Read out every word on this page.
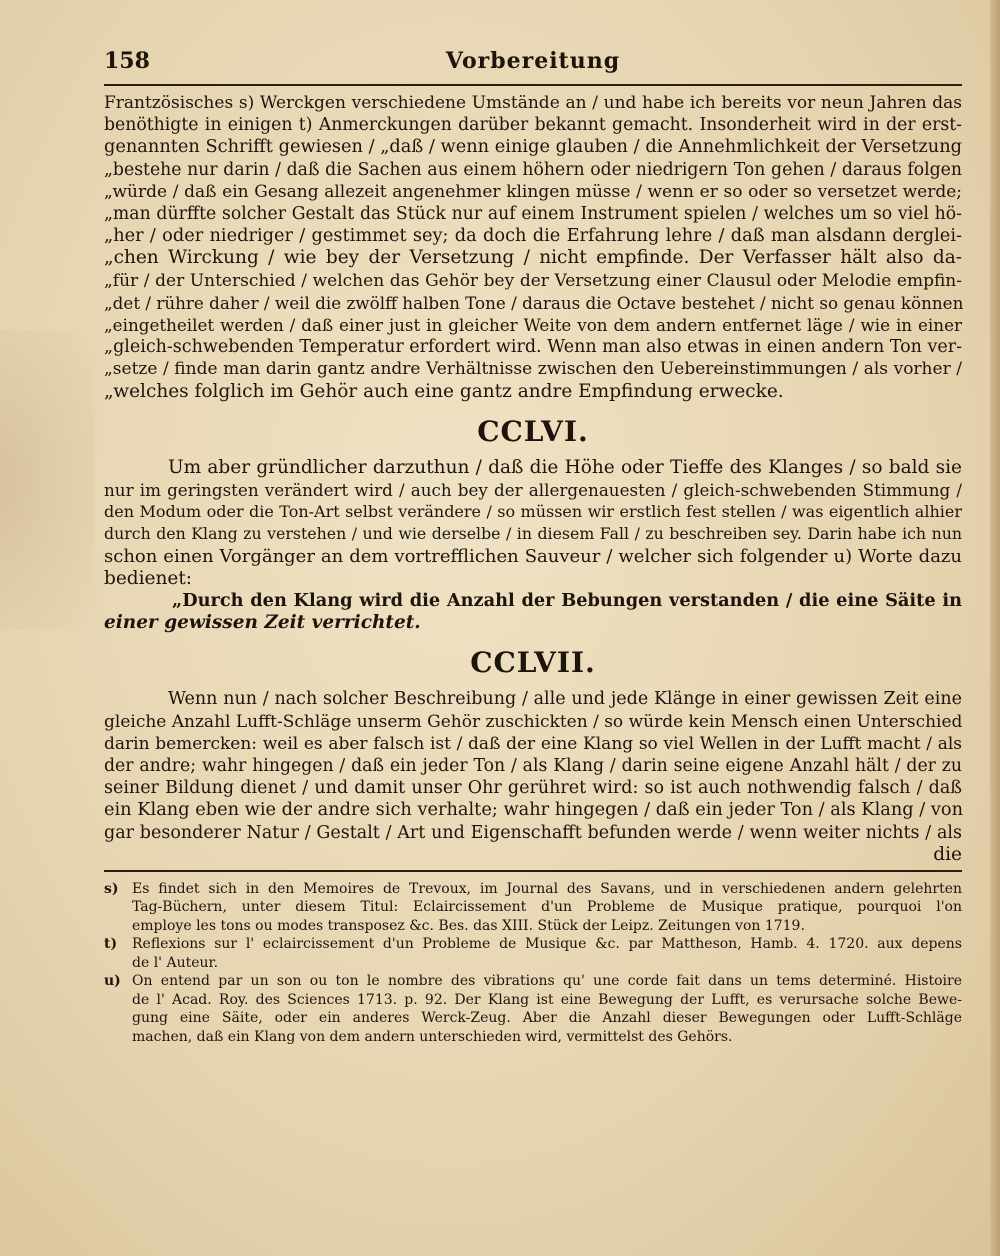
158	Vorbereitung
Frantzösisches s) Werckgen verschiedene Umstände an / und habe ich bereits vor neun Jahren das
benöthigte in einigen t) Anmerckungen darüber bekannt gemacht. Insonderheit wird in der erst-
genannten Schrifft gewiesen / „daß / wenn einige glauben / die Annehmlichkeit der Versetzung
„bestehe nur darin / daß die Sachen aus einem höhern oder niedrigern Ton gehen / daraus folgen
„würde / daß ein Gesang allezeit angenehmer klingen müsse / wenn er so oder so versetzet werde;
„man dürffte solcher Gestalt das Stück nur auf einem Instrument spielen / welches um so viel hö-
„her / oder niedriger / gestimmet sey; da doch die Erfahrung lehre / daß man alsdann derglei-
„chen Wirckung / wie bey der Versetzung / nicht empfinde. Der Verfasser hält also da-
„für / der Unterschied / welchen das Gehör bey der Versetzung einer Clausul oder Melodie empfin-
„det / rühre daher / weil die zwölff halben Tone / daraus die Octave bestehet / nicht so genau können
„eingetheilet werden / daß einer just in gleicher Weite von dem andern entfernet läge / wie in einer
„gleich-schwebenden Temperatur erfordert wird. Wenn man also etwas in einen andern Ton ver-
„setze / finde man darin gantz andre Verhältnisse zwischen den Uebereinstimmungen / als vorher /
„welches folglich im Gehör auch eine gantz andre Empfindung erwecke.
CCLVI.
Um aber gründlicher darzuthun / daß die Höhe oder Tieffe des Klanges / so bald sie
nur im geringsten verändert wird / auch bey der allergenauesten / gleich-schwebenden Stimmung /
den Modum oder die Ton-Art selbst verändere / so müssen wir erstlich fest stellen / was eigentlich alhier
durch den Klang zu verstehen / und wie derselbe / in diesem Fall / zu beschreiben sey. Darin habe ich nun
schon einen Vorgänger an dem vortrefflichen Sauveur / welcher sich folgender u) Worte dazu
bedienet:
„Durch den Klang wird die Anzahl der Bebungen verstanden / die eine Säite in
einer gewissen Zeit verrichtet.
CCLVII.
Wenn nun / nach solcher Beschreibung / alle und jede Klänge in einer gewissen Zeit eine
gleiche Anzahl Lufft-Schläge unserm Gehör zuschickten / so würde kein Mensch einen Unterschied
darin bemercken: weil es aber falsch ist / daß der eine Klang so viel Wellen in der Lufft macht / als
der andre; wahr hingegen / daß ein jeder Ton / als Klang / darin seine eigene Anzahl hält / der zu
seiner Bildung dienet / und damit unser Ohr gerühret wird: so ist auch nothwendig falsch / daß
ein Klang eben wie der andre sich verhalte; wahr hingegen / daß ein jeder Ton / als Klang / von
gar besonderer Natur / Gestalt / Art und Eigenschafft befunden werde / wenn weiter nichts / als
die
s) Es findet sich in den Memoires de Trevoux, im Journal des Savans, und in verschiedenen andern gelehrten
Tag-Büchern, unter diesem Titul: Eclaircissement d'un Probleme de Musique pratique, pourquoi l'on
employe les tons ou modes transposez &c. Bes. das XIII. Stück der Leipz. Zeitungen von 1719.
t)	Reflexions sur l' eclaircissement d'un Probleme de Musique &c. par Mattheson, Hamb. 4. 1720. aux depens
de l' Auteur.
u) On entend par un son ou ton le nombre des vibrations qu' une corde fait dans un tems determiné. Histoire
de l' Acad. Roy. des Sciences 1713. p. 92. Der Klang ist eine Bewegung der Lufft, es verursache solche Bewe-
gung eine Säite, oder ein anderes Werck-Zeug. Aber die Anzahl dieser Bewegungen oder Lufft-Schläge
machen, daß ein Klang von dem andern unterschieden wird, vermittelst des Gehörs.
